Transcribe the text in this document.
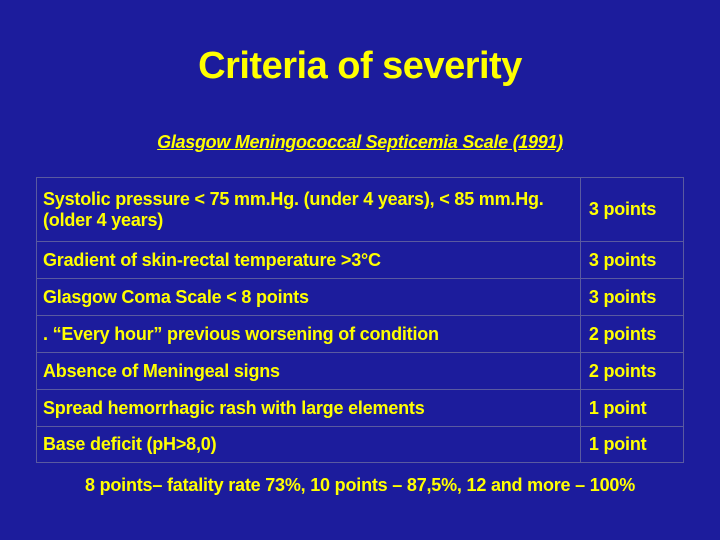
Criteria of severity
Glasgow Meningococcal Septicemia Scale (1991)
Systolic pressure < 75 mm.Hg. (under 4 years), < 85 mm.Hg. (older 4 years)	3 points
Gradient of skin-rectal temperature >3°C	3 points
Glasgow Coma Scale < 8 points	3 points
. “Every hour” previous worsening of condition	2 points
Absence of Meningeal signs	2 points
Spread hemorrhagic rash with large elements	1 point
Base deficit (pH>8,0)	1 point
8 points– fatality rate 73%, 10 points – 87,5%, 12 and more – 100%
